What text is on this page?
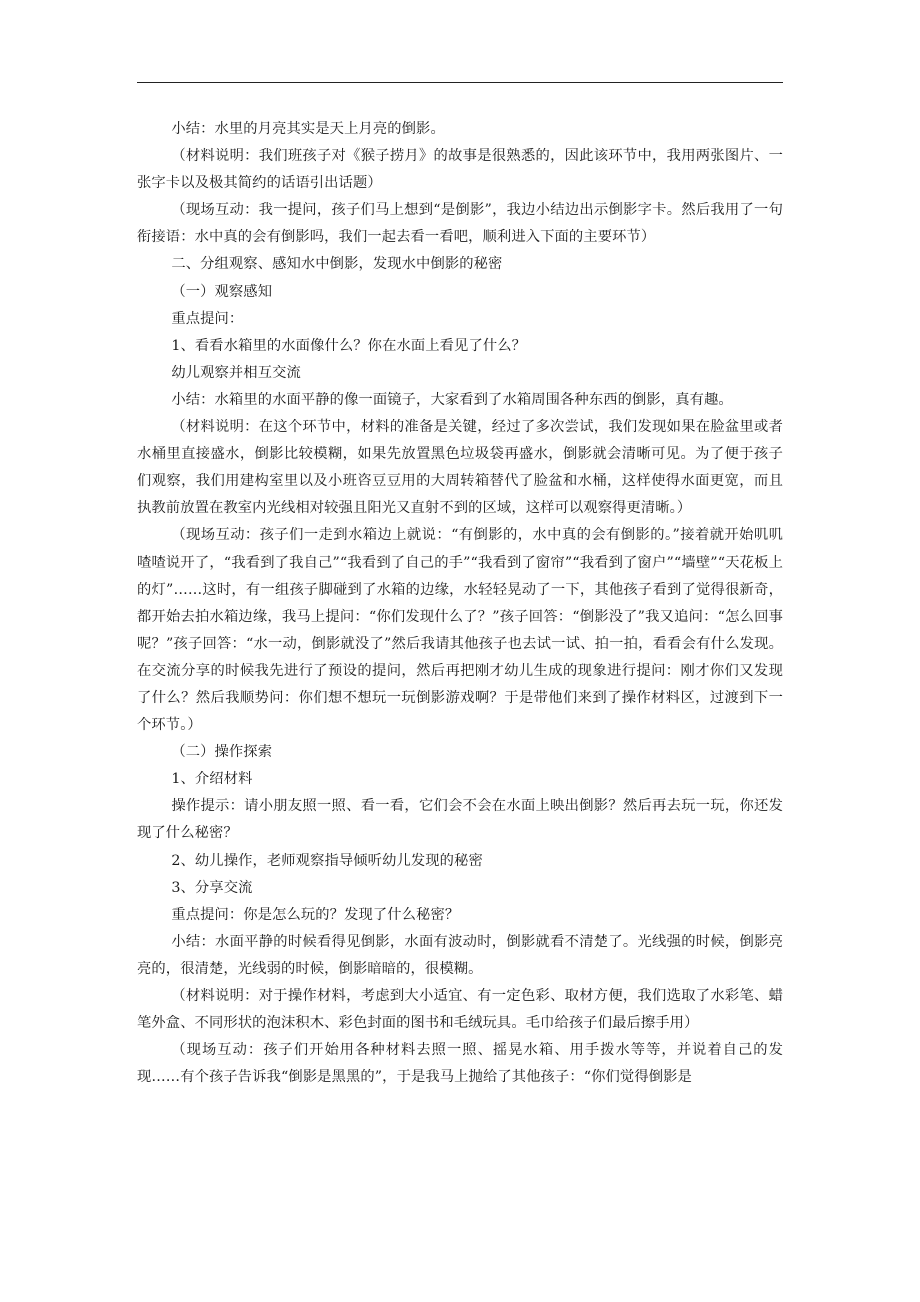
小结：水里的月亮其实是天上月亮的倒影。

（材料说明：我们班孩子对《猴子捞月》的故事是很熟悉的，因此该环节中，我用两张图片、一张字卡以及极其简约的话语引出话题）

（现场互动：我一提问，孩子们马上想到“是倒影”，我边小结边出示倒影字卡。然后我用了一句衔接语：水中真的会有倒影吗，我们一起去看一看吧，顺利进入下面的主要环节）

二、分组观察、感知水中倒影，发现水中倒影的秘密

（一）观察感知

重点提问：

1、看看水箱里的水面像什么？你在水面上看见了什么？

幼儿观察并相互交流

小结：水箱里的水面平静的像一面镜子，大家看到了水箱周围各种东西的倒影，真有趣。

（材料说明：在这个环节中，材料的准备是关键，经过了多次尝试，我们发现如果在脸盆里或者水桶里直接盛水，倒影比较模糊，如果先放置黑色垃圾袋再盛水，倒影就会清晰可见。为了便于孩子们观察，我们用建构室里以及小班咨豆豆用的大周转箱替代了脸盆和水桶，这样使得水面更宽，而且执教前放置在教室内光线相对较强且阳光又直射不到的区域，这样可以观察得更清晰。）

（现场互动：孩子们一走到水箱边上就说：“有倒影的，水中真的会有倒影的。”接着就开始叽叽喳喳说开了，“我看到了我自己”“我看到了自己的手”“我看到了窗帘”“我看到了窗户”“墙壁”“天花板上的灯”……这时，有一组孩子脚碰到了水箱的边缘，水轻轻晃动了一下，其他孩子看到了觉得很新奇，都开始去拍水箱边缘，我马上提问：“你们发现什么了？”孩子回答：“倒影没了”我又追问：“怎么回事呢？”孩子回答：“水一动，倒影就没了”然后我请其他孩子也去试一试、拍一拍，看看会有什么发现。在交流分享的时候我先进行了预设的提问，然后再把刚才幼儿生成的现象进行提问：刚才你们又发现了什么？然后我顺势问：你们想不想玩一玩倒影游戏啊？于是带他们来到了操作材料区，过渡到下一个环节。）

（二）操作探索

1、介绍材料

操作提示：请小朋友照一照、看一看，它们会不会在水面上映出倒影？然后再去玩一玩，你还发现了什么秘密？

2、幼儿操作，老师观察指导倾听幼儿发现的秘密

3、分享交流

重点提问：你是怎么玩的？发现了什么秘密？

小结：水面平静的时候看得见倒影，水面有波动时，倒影就看不清楚了。光线强的时候，倒影亮亮的，很清楚，光线弱的时候，倒影暗暗的，很模糊。

（材料说明：对于操作材料，考虑到大小适宜、有一定色彩、取材方便，我们选取了水彩笔、蜡笔外盒、不同形状的泡沫积木、彩色封面的图书和毛绒玩具。毛巾给孩子们最后擦手用）

（现场互动：孩子们开始用各种材料去照一照、摇晃水箱、用手拨水等等，并说着自己的发现……有个孩子告诉我“倒影是黑黑的”，于是我马上抛给了其他孩子：“你们觉得倒影是
